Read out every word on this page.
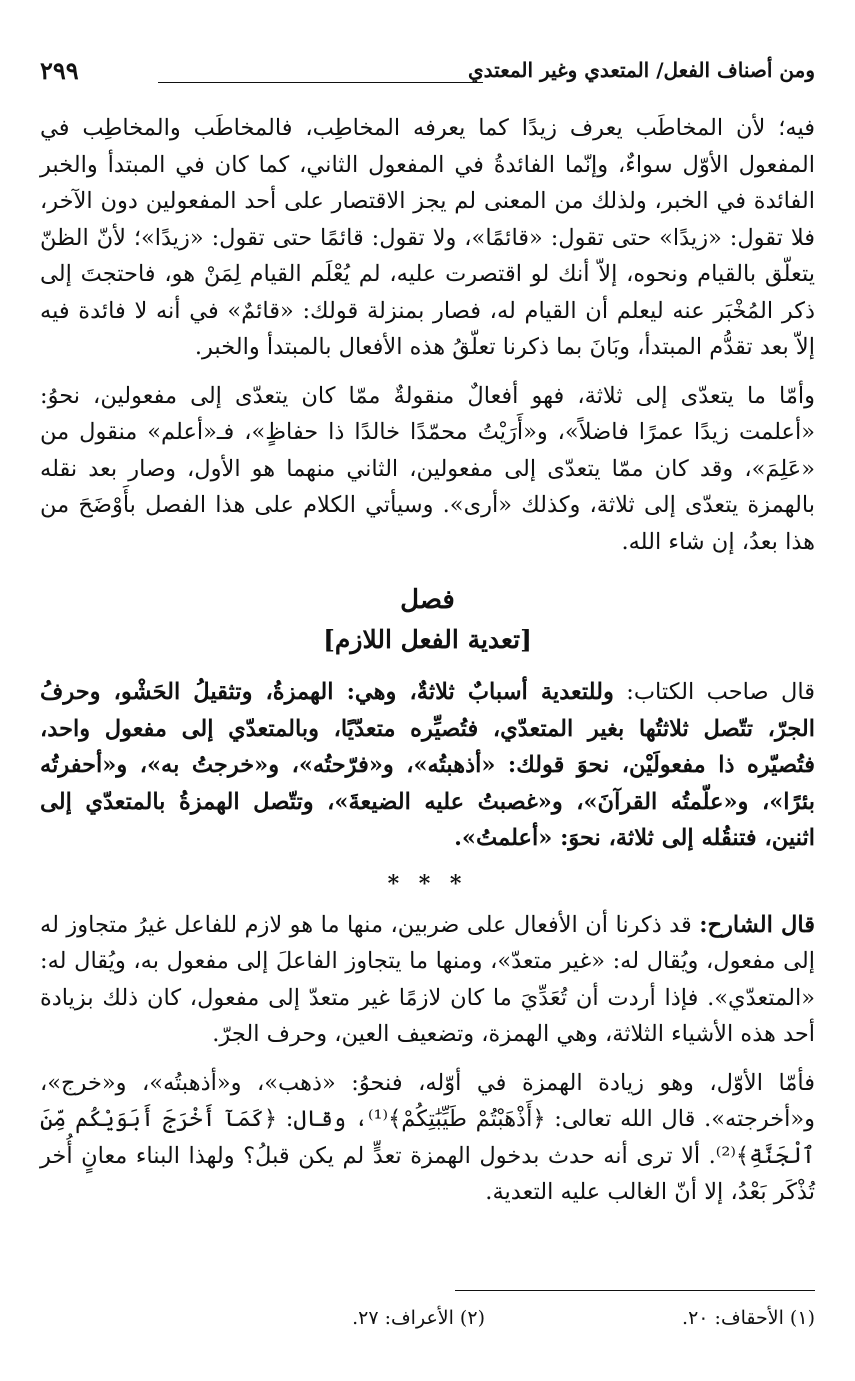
ومن أصناف الفعل/ المتعدي وغير المعتدي
٢٩٩

فيه؛ لأن المخاطَب يعرف زيدًا كما يعرفه المخاطِب، فالمخاطَب والمخاطِب في المفعول الأوّل سواءٌ، وإنّما الفائدةُ في المفعول الثاني، كما كان في المبتدأ والخبر الفائدة في الخبر، ولذلك من المعنى لم يجز الاقتصار على أحد المفعولين دون الآخر، فلا تقول: «زيدًا» حتى تقول: «قائمًا»، ولا تقول: قائمًا حتى تقول: «زيدًا»؛ لأنّ الظنّ يتعلّق بالقيام ونحوه، إلاّ أنك لو اقتصرت عليه، لم يُعْلَم القيام لِمَنْ هو، فاحتجتَ إلى ذكر المُخْبَر عنه ليعلم أن القيام له، فصار بمنزلة قولك: «قائمٌ» في أنه لا فائدة فيه إلاّ بعد تقدُّم المبتدأ، وبَانَ بما ذكرنا تعلّقُ هذه الأفعال بالمبتدأ والخبر.

وأمّا ما يتعدّى إلى ثلاثة، فهو أفعالٌ منقولةٌ ممّا كان يتعدّى إلى مفعولين، نحوُ: «أعلمت زيدًا عمرًا فاضلاً»، و«أَرَيْتُ محمّدًا خالدًا ذا حفاظٍ»، فـ«أعلم» منقول من «عَلِمَ»، وقد كان ممّا يتعدّى إلى مفعولين، الثاني منهما هو الأول، وصار بعد نقله بالهمزة يتعدّى إلى ثلاثة، وكذلك «أرى». وسيأتي الكلام على هذا الفصل بأَوْضَحَ من هذا بعدُ، إن شاء الله.

فصل
[تعدية الفعل اللازم]

قال صاحب الكتاب: وللتعدية أسبابٌ ثلاثةٌ، وهي: الهمزةُ، وتثقيلُ الحَشْو، وحرفُ الجرّ، تتّصل ثلاثتُها بغير المتعدّي، فتُصيِّره متعدّيًا، وبالمتعدّي إلى مفعول واحد، فتُصيّره ذا مفعولَيْن، نحوَ قولك: «أذهبتُه»، و«فرّحتُه»، و«خرجتُ به»، و«أحفرتُه بئرًا»، و«علّمتُه القرآنَ»، و«غصبتُ عليه الضيعةَ»، وتتّصل الهمزةُ بالمتعدّي إلى اثنين، فتنقُله إلى ثلاثة، نحوَ: «أعلمتُ».

* * *

قال الشارح: قد ذكرنا أن الأفعال على ضربين، منها ما هو لازم للفاعل غيرُ متجاوز له إلى مفعول، ويُقال له: «غير متعدّ»، ومنها ما يتجاوز الفاعلَ إلى مفعول به، ويُقال له: «المتعدّي». فإذا أردت أن تُعَدِّيَ ما كان لازمًا غير متعدّ إلى مفعول، كان ذلك بزيادة أحد هذه الأشياء الثلاثة، وهي الهمزة، وتضعيف العين، وحرف الجرّ.

فأمّا الأوّل، وهو زيادة الهمزة في أوّله، فنحوُ: «ذهب»، و«أذهبتُه»، و«خرج»، و«أخرجته». قال الله تعالى: ﴿أَذْهَبْتُمْ طَيِّبَٰتِكُمْ﴾⁽¹⁾، وقال: ﴿كَمَآ أَخْرَجَ أَبَوَيْكُم مِّنَ ٱلْجَنَّةِ﴾⁽²⁾. ألا ترى أنه حدث بدخول الهمزة تعدٍّ لم يكن قبلُ؟ ولهذا البناء معانٍ أُخر تُذْكَر بَعْدُ، إلا أنّ الغالب عليه التعدية.

(١) الأحقاف: ٢٠.
(٢) الأعراف: ٢٧.
